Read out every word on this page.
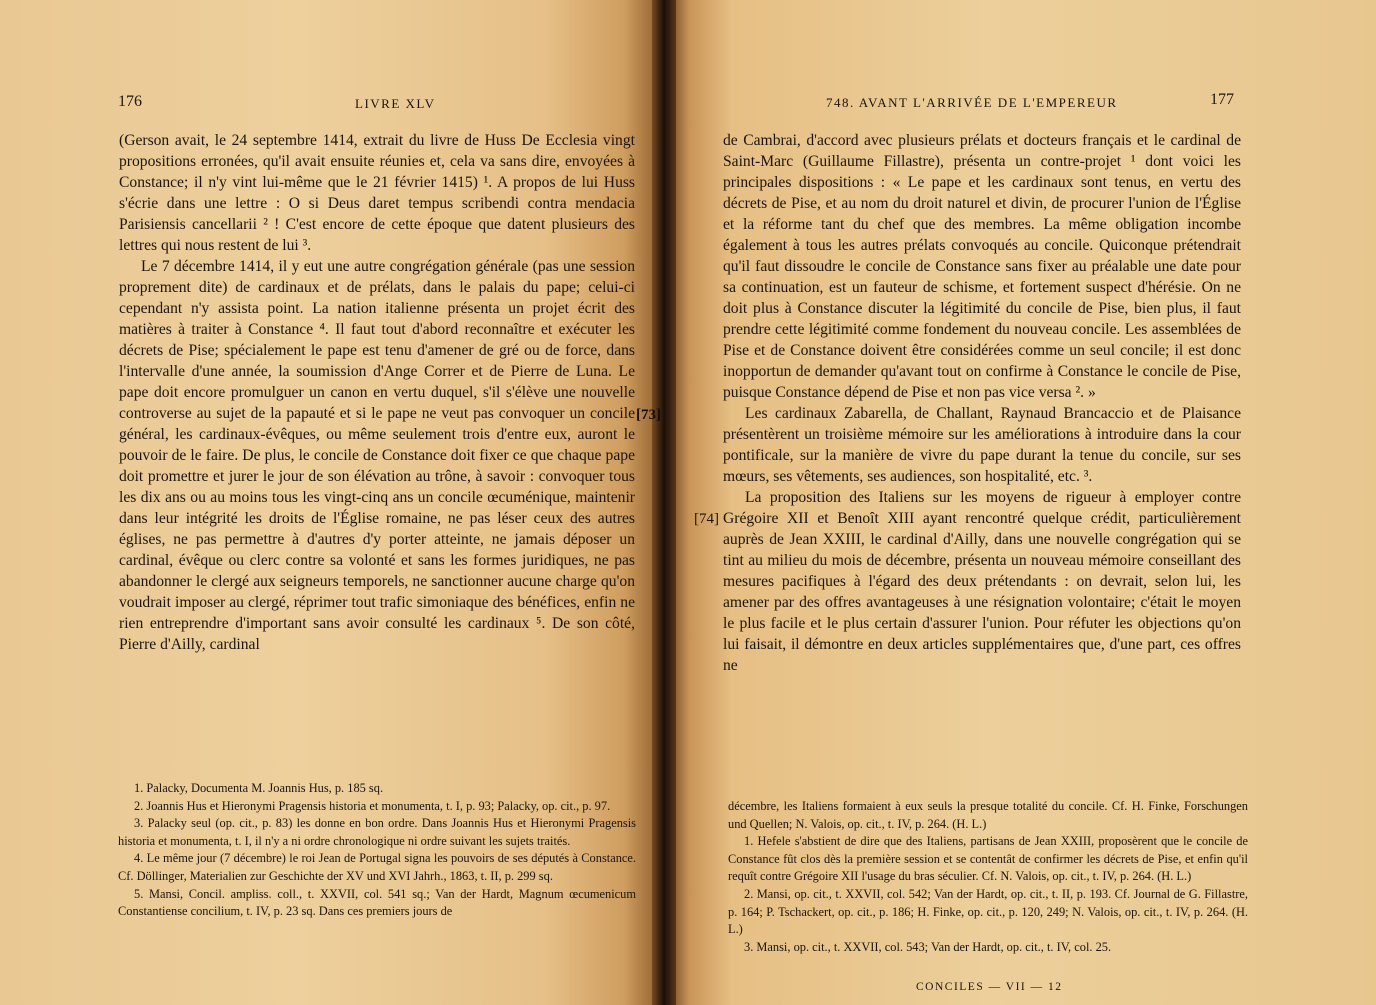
176	LIVRE XLV

(Gerson avait, le 24 septembre 1414, extrait du livre de Huss De Ecclesia vingt propositions erronées, qu'il avait ensuite réunies et, cela va sans dire, envoyées à Constance; il n'y vint lui-même que le 21 février 1415) ¹. A propos de lui Huss s'écrie dans une lettre : O si Deus daret tempus scribendi contra mendacia Parisiensis cancellarii ² ! C'est encore de cette époque que datent plusieurs des lettres qui nous restent de lui ³.

Le 7 décembre 1414, il y eut une autre congrégation générale (pas une session proprement dite) de cardinaux et de prélats, dans le palais du pape; celui-ci cependant n'y assista point. La nation italienne présenta un projet écrit des matières à traiter à Constance ⁴. Il faut tout d'abord reconnaître et exécuter les décrets de Pise; spécialement le pape est tenu d'amener de gré ou de force, dans l'intervalle d'une année, la soumission d'Ange Correr et de Pierre de Luna. Le pape doit encore promulguer un canon en vertu duquel, s'il s'élève une nouvelle controverse au sujet de la papauté et si le pape ne veut pas convoquer un concile général, les cardinaux-évêques, ou même seulement trois d'entre eux, auront le pouvoir de le faire. De plus, le concile de Constance doit fixer ce que chaque pape doit promettre et jurer le jour de son élévation au trône, à savoir : convoquer tous les dix ans ou au moins tous les vingt-cinq ans un concile œcuménique, maintenir dans leur intégrité les droits de l'Église romaine, ne pas léser ceux des autres églises, ne pas permettre à d'autres d'y porter atteinte, ne jamais déposer un cardinal, évêque ou clerc contre sa volonté et sans les formes juridiques, ne pas abandonner le clergé aux seigneurs temporels, ne sanctionner aucune charge qu'on voudrait imposer au clergé, réprimer tout trafic simoniaque des bénéfices, enfin ne rien entreprendre d'important sans avoir consulté les cardinaux ⁵. De son côté, Pierre d'Ailly, cardinal

1. Palacky, Documenta M. Joannis Hus, p. 185 sq.

2. Joannis Hus et Hieronymi Pragensis historia et monumenta, t. I, p. 93; Palacky, op. cit., p. 97.

3. Palacky seul (op. cit., p. 83) les donne en bon ordre. Dans Joannis Hus et Hieronymi Pragensis historia et monumenta, t. I, il n'y a ni ordre chronologique ni ordre suivant les sujets traités.

4. Le même jour (7 décembre) le roi Jean de Portugal signa les pouvoirs de ses députés à Constance. Cf. Döllinger, Materialien zur Geschichte der XV und XVI Jahrh., 1863, t. II, p. 299 sq.

5. Mansi, Concil. ampliss. coll., t. XXVII, col. 541 sq.; Van der Hardt, Magnum œcumenicum Constantiense concilium, t. IV, p. 23 sq. Dans ces premiers jours de

748. AVANT L'ARRIVÉE DE L'EMPEREUR	177
[74]

de Cambrai, d'accord avec plusieurs prélats et docteurs français et le cardinal de Saint-Marc (Guillaume Fillastre), présenta un contre-projet ¹ dont voici les principales dispositions : « Le pape et les cardinaux sont tenus, en vertu des décrets de Pise, et au nom du droit naturel et divin, de procurer l'union de l'Église et la réforme tant du chef que des membres. La même obligation incombe également à tous les autres prélats convoqués au concile. Quiconque prétendrait qu'il faut dissoudre le concile de Constance sans fixer au préalable une date pour sa continuation, est un fauteur de schisme, et fortement suspect d'hérésie. On ne doit plus à Constance discuter la légitimité du concile de Pise, bien plus, il faut prendre cette légitimité comme fondement du nouveau concile. Les assemblées de Pise et de Constance doivent être considérées comme un seul concile; il est donc inopportun de demander qu'avant tout on confirme à Constance le concile de Pise, puisque Constance dépend de Pise et non pas vice versa ². »

Les cardinaux Zabarella, de Challant, Raynaud Brancaccio et de Plaisance présentèrent un troisième mémoire sur les améliorations à introduire dans la cour pontificale, sur la manière de vivre du pape durant la tenue du concile, sur ses mœurs, ses vêtements, ses audiences, son hospitalité, etc. ³.

La proposition des Italiens sur les moyens de rigueur à employer contre Grégoire XII et Benoît XIII ayant rencontré quelque crédit, particulièrement auprès de Jean XXIII, le cardinal d'Ailly, dans une nouvelle congrégation qui se tint au milieu du mois de décembre, présenta un nouveau mémoire conseillant des mesures pacifiques à l'égard des deux prétendants : on devrait, selon lui, les amener par des offres avantageuses à une résignation volontaire; c'était le moyen le plus facile et le plus certain d'assurer l'union. Pour réfuter les objections qu'on lui faisait, il démontre en deux articles supplémentaires que, d'une part, ces offres ne

décembre, les Italiens formaient à eux seuls la presque totalité du concile. Cf. H. Finke, Forschungen und Quellen; N. Valois, op. cit., t. IV, p. 264. (H. L.)

1. Hefele s'abstient de dire que des Italiens, partisans de Jean XXIII, proposèrent que le concile de Constance fût clos dès la première session et se contentât de confirmer les décrets de Pise, et enfin qu'il requît contre Grégoire XII l'usage du bras séculier. Cf. N. Valois, op. cit., t. IV, p. 264. (H. L.)

2. Mansi, op. cit., t. XXVII, col. 542; Van der Hardt, op. cit., t. II, p. 193. Cf. Journal de G. Fillastre, p. 164; P. Tschackert, op. cit., p. 186; H. Finke, op. cit., p. 120, 249; N. Valois, op. cit., t. IV, p. 264. (H. L.)

3. Mansi, op. cit., t. XXVII, col. 543; Van der Hardt, op. cit., t. IV, col. 25.

CONCILES — VII — 12
[73]
